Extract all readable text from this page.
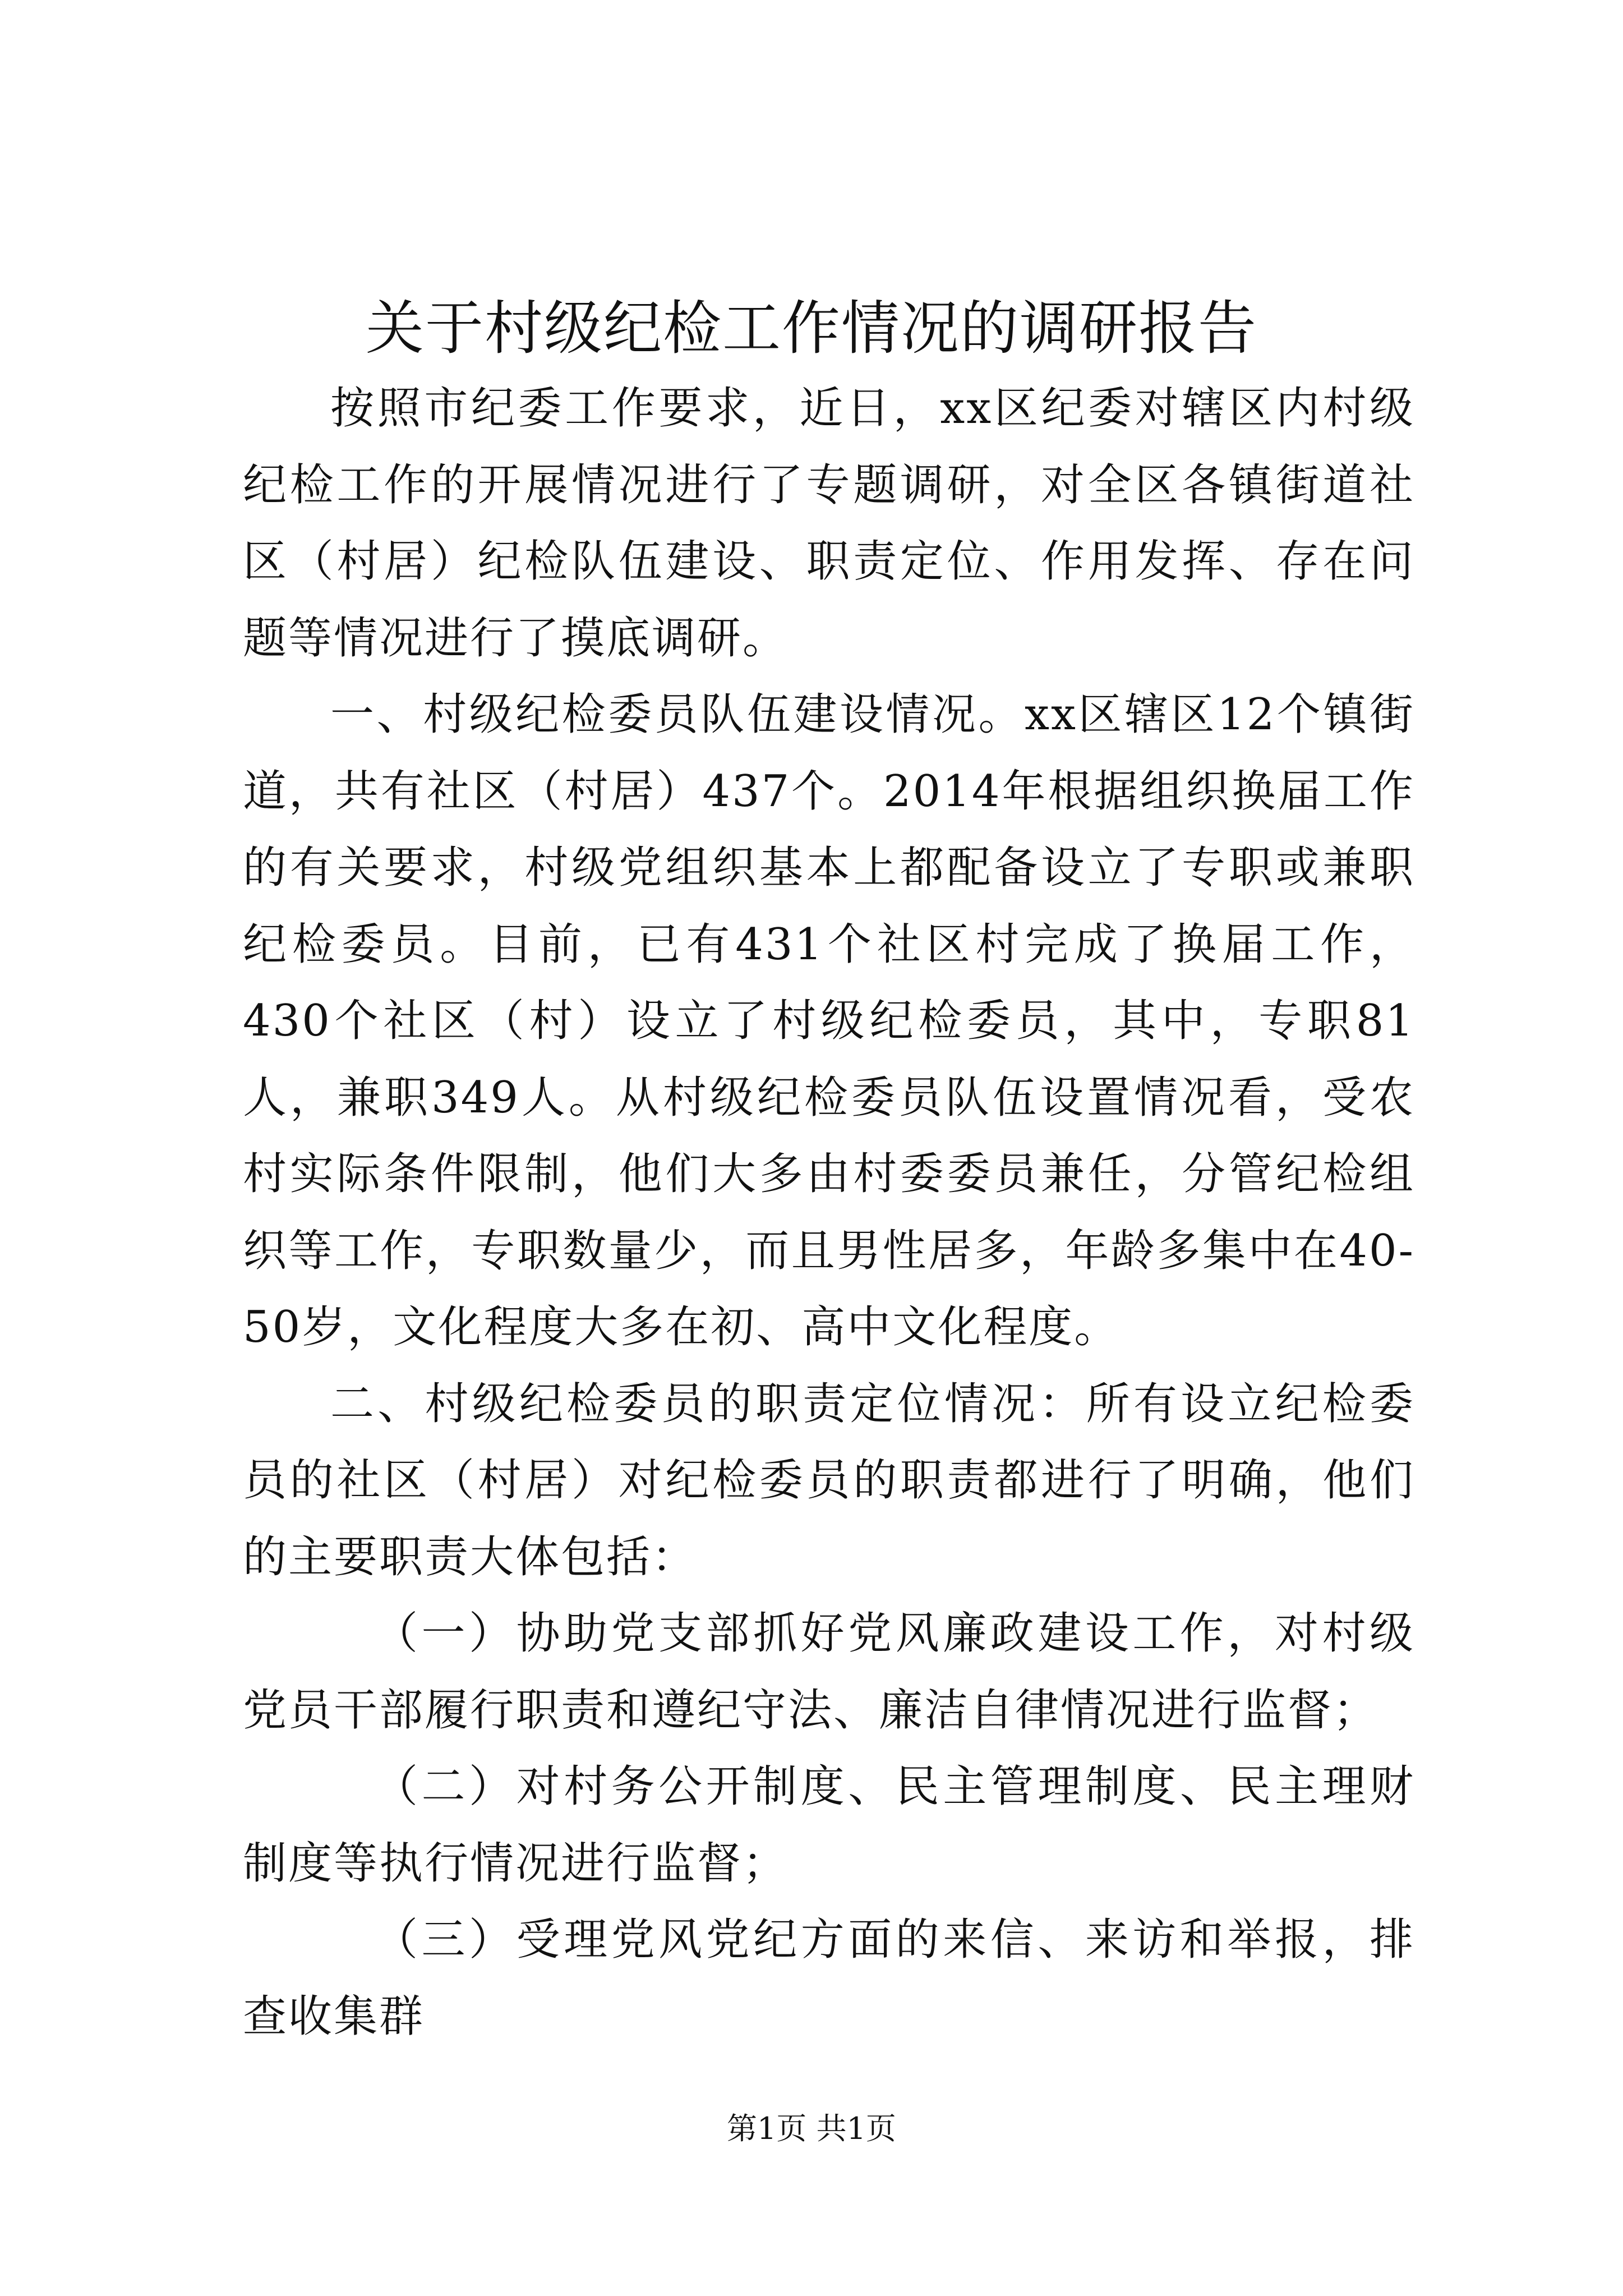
关于村级纪检工作情况的调研报告

按照市纪委工作要求，近日，xx区纪委对辖区内村级纪检工作的开展情况进行了专题调研，对全区各镇街道社区（村居）纪检队伍建设、职责定位、作用发挥、存在问题等情况进行了摸底调研。

一、村级纪检委员队伍建设情况。xx区辖区12个镇街道，共有社区（村居）437个。2014年根据组织换届工作的有关要求，村级党组织基本上都配备设立了专职或兼职纪检委员。目前，已有431个社区村完成了换届工作，430个社区（村）设立了村级纪检委员，其中，专职81人，兼职349人。从村级纪检委员队伍设置情况看，受农村实际条件限制，他们大多由村委委员兼任，分管纪检组织等工作，专职数量少，而且男性居多，年龄多集中在40-50岁，文化程度大多在初、高中文化程度。

二、村级纪检委员的职责定位情况：所有设立纪检委员的社区（村居）对纪检委员的职责都进行了明确，他们的主要职责大体包括：

（一）协助党支部抓好党风廉政建设工作，对村级党员干部履行职责和遵纪守法、廉洁自律情况进行监督；

（二）对村务公开制度、民主管理制度、民主理财制度等执行情况进行监督；

（三）受理党风党纪方面的来信、来访和举报，排查收集群

第1页 共1页
